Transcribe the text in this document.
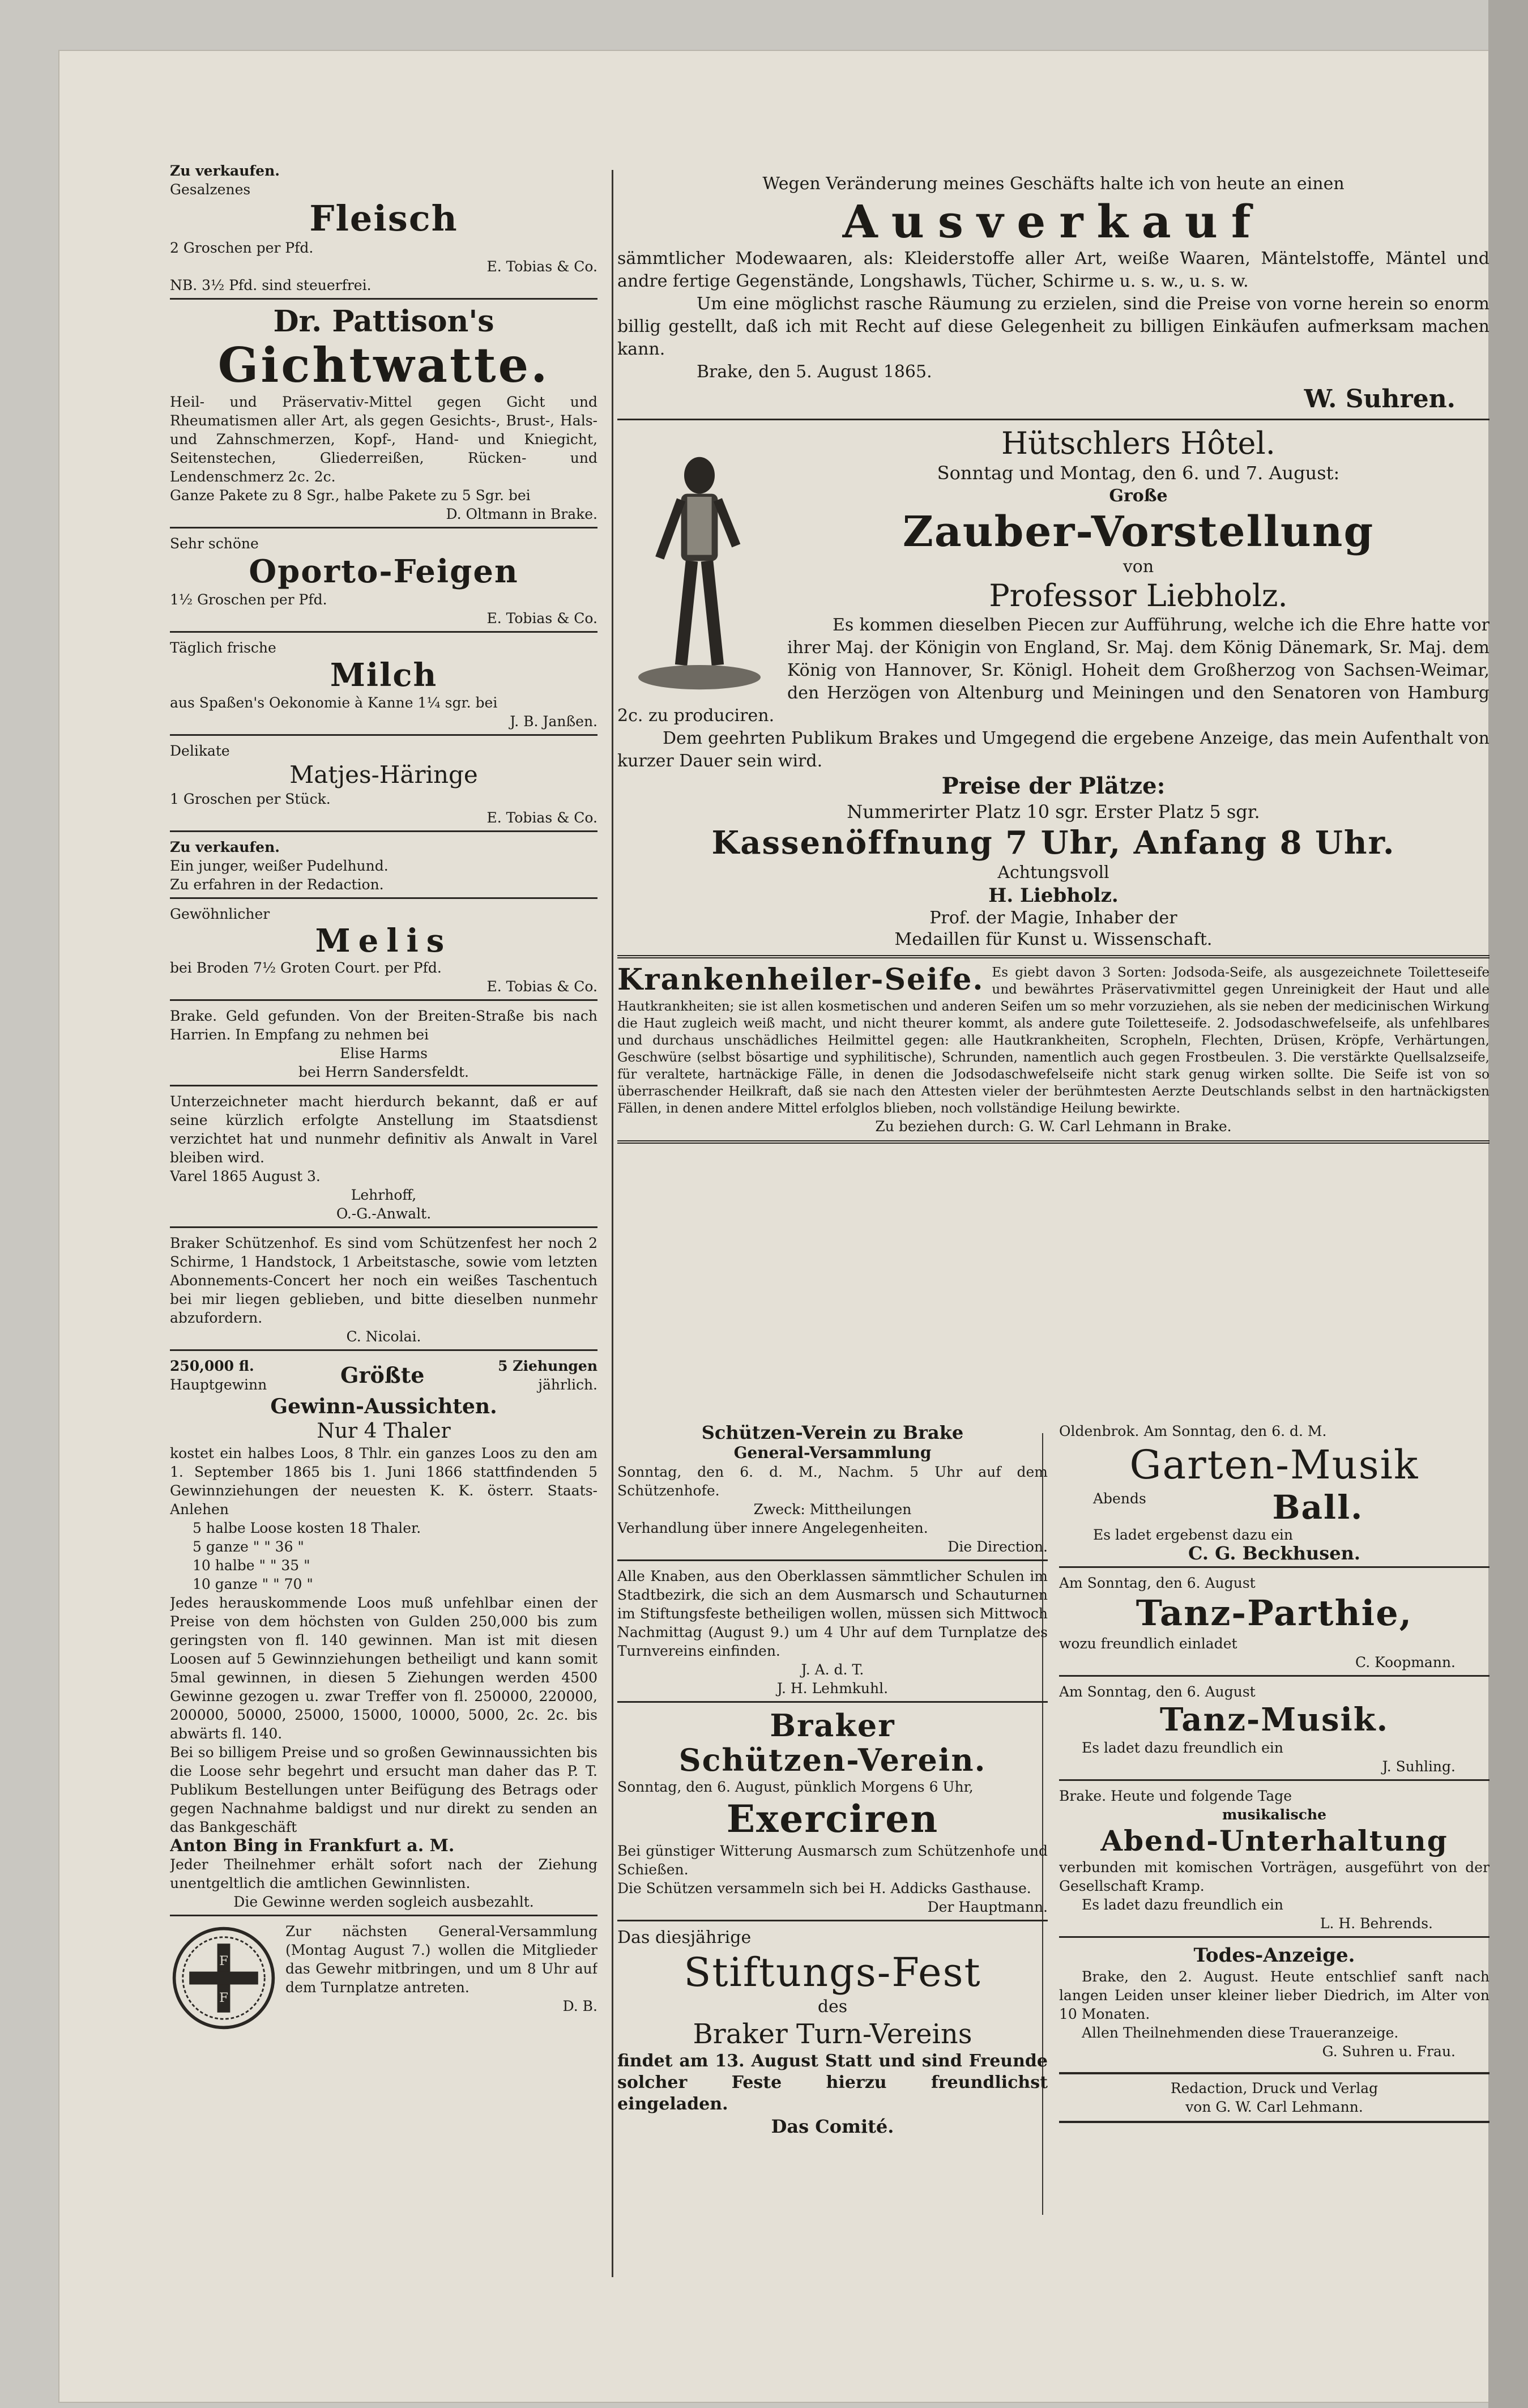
Zu verkaufen.

Gesalzenes

Fleisch

2 Groschen per Pfd.

E. Tobias & Co.

NB. 3½ Pfd. sind steuerfrei.

Dr. Pattison's

Gichtwatte.

Heil- und Präservativ-Mittel gegen Gicht und Rheumatismen aller Art, als gegen Gesichts-, Brust-, Hals- und Zahnschmerzen, Kopf-, Hand- und Kniegicht, Seitenstechen, Gliederreißen, Rücken- und Lendenschmerz 2c. 2c.

Ganze Pakete zu 8 Sgr., halbe Pakete zu 5 Sgr. bei

D. Oltmann in Brake.

Sehr schöne

Oporto-Feigen

1½ Groschen per Pfd.

E. Tobias & Co.

Täglich frische

Milch

aus Spaßen's Oekonomie à Kanne 1¼ sgr. bei

J. B. Janßen.

Delikate

Matjes-Häringe

1 Groschen per Stück.

E. Tobias & Co.

Zu verkaufen.

Ein junger, weißer Pudelhund.

Zu erfahren in der Redaction.

Gewöhnlicher

Melis

bei Broden 7½ Groten Court. per Pfd.

E. Tobias & Co.

Brake. Geld gefunden. Von der Breiten-Straße bis nach Harrien. In Empfang zu nehmen bei

Elise Harms

bei Herrn Sandersfeldt.

Unterzeichneter macht hierdurch bekannt, daß er auf seine kürzlich erfolgte Anstellung im Staatsdienst verzichtet hat und nunmehr definitiv als Anwalt in Varel bleiben wird.

Varel 1865 August 3.

Lehrhoff,

O.-G.-Anwalt.

Braker Schützenhof. Es sind vom Schützenfest her noch 2 Schirme, 1 Handstock, 1 Arbeitstasche, sowie vom letzten Abonnements-Concert her noch ein weißes Taschentuch bei mir liegen geblieben, und bitte dieselben nunmehr abzufordern.

C. Nicolai.

250,000 fl.

Hauptgewinn	Größte	5 Ziehungen

jährlich.

Gewinn-Aussichten.

Nur 4 Thaler

kostet ein halbes Loos, 8 Thlr. ein ganzes Loos zu den am 1. September 1865 bis 1. Juni 1866 stattfindenden 5 Gewinnziehungen der neuesten K. K. österr. Staats-Anlehen

5 halbe Loose kosten 18 Thaler.

5 ganze " " 36 "

10 halbe " " 35 "

10 ganze " " 70 "

Jedes herauskommende Loos muß unfehlbar einen der Preise von dem höchsten von Gulden 250,000 bis zum geringsten von fl. 140 gewinnen. Man ist mit diesen Loosen auf 5 Gewinnziehungen betheiligt und kann somit 5mal gewinnen, in diesen 5 Ziehungen werden 4500 Gewinne gezogen u. zwar Treffer von fl. 250000, 220000, 200000, 50000, 25000, 15000, 10000, 5000, 2c. 2c. bis abwärts fl. 140.

Bei so billigem Preise und so großen Gewinnaussichten bis die Loose sehr begehrt und ersucht man daher das P. T. Publikum Bestellungen unter Beifügung des Betrags oder gegen Nachnahme baldigst und nur direkt zu senden an das Bankgeschäft

Anton Bing in Frankfurt a. M.

Jeder Theilnehmer erhält sofort nach der Ziehung unentgeltlich die amtlichen Gewinnlisten.

Die Gewinne werden sogleich ausbezahlt.

F
F

Zur nächsten General-Versammlung (Montag August 7.) wollen die Mitglieder das Gewehr mitbringen, und um 8 Uhr auf dem Turnplatze antreten.

D. B.

Wegen Veränderung meines Geschäfts halte ich von heute an einen

Ausverkauf

sämmtlicher Modewaaren, als: Kleiderstoffe aller Art, weiße Waaren, Mäntelstoffe, Mäntel und andre fertige Gegenstände, Longshawls, Tücher, Schirme u. s. w., u. s. w.

Um eine möglichst rasche Räumung zu erzielen, sind die Preise von vorne herein so enorm billig gestellt, daß ich mit Recht auf diese Gelegenheit zu billigen Einkäufen aufmerksam machen kann.

Brake, den 5. August 1865.

W. Suhren.

Hütschlers Hôtel.

Sonntag und Montag, den 6. und 7. August:

Große

Zauber-Vorstellung

von

Professor Liebholz.

Es kommen dieselben Piecen zur Aufführung, welche ich die Ehre hatte vor ihrer Maj. der Königin von England, Sr. Maj. dem König Dänemark, Sr. Maj. dem König von Hannover, Sr. Königl. Hoheit dem Großherzog von Sachsen-Weimar, den Herzögen von Altenburg und Meiningen und den Senatoren von Hamburg 2c. zu produciren.

Dem geehrten Publikum Brakes und Umgegend die ergebene Anzeige, das mein Aufenthalt von kurzer Dauer sein wird.

Preise der Plätze:

Nummerirter Platz 10 sgr. Erster Platz 5 sgr.

Kassenöffnung 7 Uhr, Anfang 8 Uhr.

Achtungsvoll

H. Liebholz.

Prof. der Magie, Inhaber der

Medaillen für Kunst u. Wissenschaft.

Krankenheiler-Seife. Es giebt davon 3 Sorten: Jodsoda-Seife, als ausgezeichnete Toiletteseife und bewährtes Präservativmittel gegen Unreinigkeit der Haut und alle Hautkrankheiten; sie ist allen kosmetischen und anderen Seifen um so mehr vorzuziehen, als sie neben der medicinischen Wirkung die Haut zugleich weiß macht, und nicht theurer kommt, als andere gute Toiletteseife. 2. Jodsodaschwefelseife, als unfehlbares und durchaus unschädliches Heilmittel gegen: alle Hautkrankheiten, Scropheln, Flechten, Drüsen, Kröpfe, Verhärtungen, Geschwüre (selbst bösartige und syphilitische), Schrunden, namentlich auch gegen Frostbeulen. 3. Die verstärkte Quellsalzseife, für veraltete, hartnäckige Fälle, in denen die Jodsodaschwefelseife nicht stark genug wirken sollte. Die Seife ist von so überraschender Heilkraft, daß sie nach den Attesten vieler der berühmtesten Aerzte Deutschlands selbst in den hartnäckigsten Fällen, in denen andere Mittel erfolglos blieben, noch vollständige Heilung bewirkte.

Zu beziehen durch: G. W. Carl Lehmann in Brake.

Schützen-Verein zu Brake

General-Versammlung

Sonntag, den 6. d. M., Nachm. 5 Uhr auf dem Schützenhofe.

Zweck: Mittheilungen

Verhandlung über innere Angelegenheiten.

Die Direction.

Alle Knaben, aus den Oberklassen sämmtlicher Schulen im Stadtbezirk, die sich an dem Ausmarsch und Schauturnen im Stiftungsfeste betheiligen wollen, müssen sich Mittwoch Nachmittag (August 9.) um 4 Uhr auf dem Turnplatze des Turnvereins einfinden.

J. A. d. T.

J. H. Lehmkuhl.

Braker

Schützen-Verein.

Sonntag, den 6. August, pünklich Morgens 6 Uhr,

Exerciren

Bei günstiger Witterung Ausmarsch zum Schützenhofe und Schießen.

Die Schützen versammeln sich bei H. Addicks Gasthause.

Der Hauptmann.

Das diesjährige

Stiftungs-Fest

des

Braker Turn-Vereins

findet am 13. August Statt und sind Freunde solcher Feste hierzu freundlichst eingeladen.

Das Comité.

Oldenbrok. Am Sonntag, den 6. d. M.

Garten-Musik

Abends	Ball.

Es ladet ergebenst dazu ein

C. G. Beckhusen.

Am Sonntag, den 6. August

Tanz-Parthie,

wozu freundlich einladet

C. Koopmann.

Am Sonntag, den 6. August

Tanz-Musik.

Es ladet dazu freundlich ein

J. Suhling.

Brake. Heute und folgende Tage

musikalische

Abend-Unterhaltung

verbunden mit komischen Vorträgen, ausgeführt von der Gesellschaft Kramp.

Es ladet dazu freundlich ein

L. H. Behrends.

Todes-Anzeige.

Brake, den 2. August. Heute entschlief sanft nach langen Leiden unser kleiner lieber Diedrich, im Alter von 10 Monaten.

Allen Theilnehmenden diese Traueranzeige.

G. Suhren u. Frau.

Redaction, Druck und Verlag

von G. W. Carl Lehmann.
